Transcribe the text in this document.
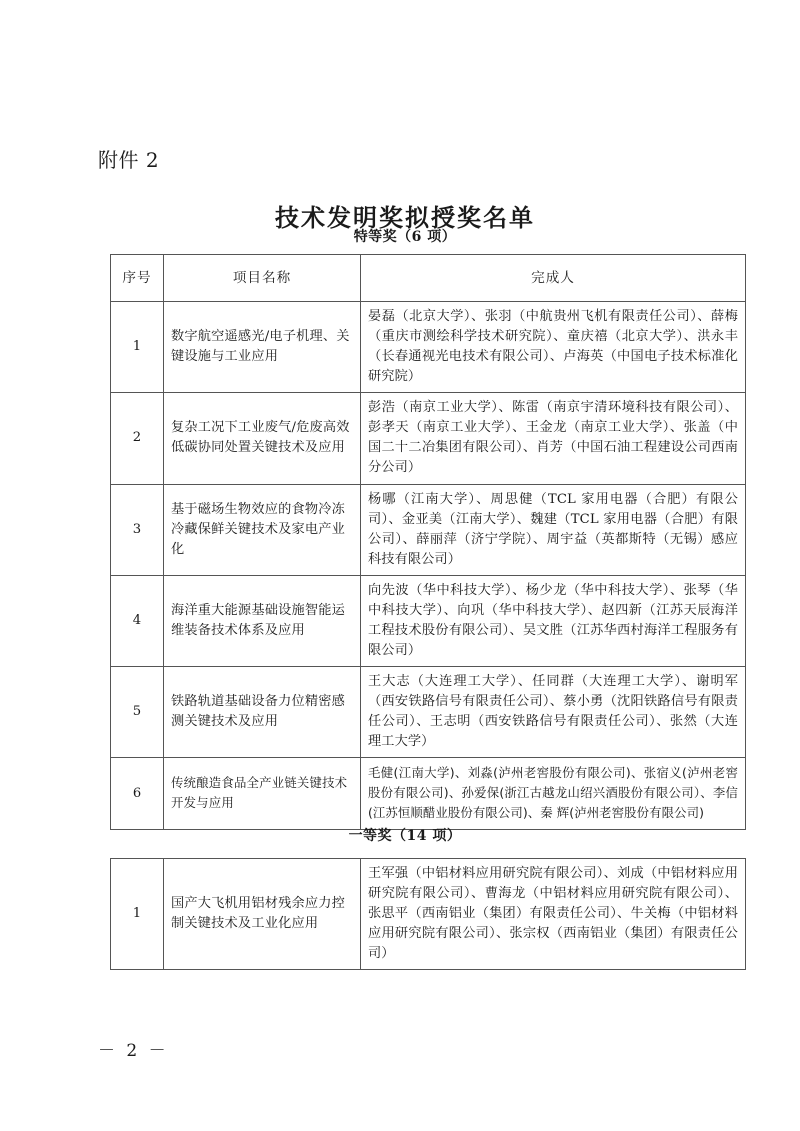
附件 2
技术发明奖拟授奖名单
特等奖（6 项）
序号	项目名称	完成人
1	数字航空遥感光/电子机理、关键设施与工业应用	晏磊（北京大学）、张羽（中航贵州飞机有限责任公司）、薛梅（重庆市测绘科学技术研究院）、童庆禧（北京大学）、洪永丰（长春通视光电技术有限公司）、卢海英（中国电子技术标准化研究院）
2	复杂工况下工业废气/危废高效低碳协同处置关键技术及应用	彭浩（南京工业大学）、陈雷（南京宇清环境科技有限公司）、彭孝天（南京工业大学）、王金龙（南京工业大学）、张盖（中国二十二冶集团有限公司）、肖芳（中国石油工程建设公司西南分公司）
3	基于磁场生物效应的食物冷冻冷藏保鲜关键技术及家电产业化	杨哪（江南大学）、周思健（TCL 家用电器（合肥）有限公司）、金亚美（江南大学）、魏建（TCL 家用电器（合肥）有限公司）、薛丽萍（济宁学院）、周宇益（英都斯特（无锡）感应科技有限公司）
4	海洋重大能源基础设施智能运维装备技术体系及应用	向先波（华中科技大学）、杨少龙（华中科技大学）、张琴（华中科技大学）、向巩（华中科技大学）、赵四新（江苏天辰海洋工程技术股份有限公司）、吴文胜（江苏华西村海洋工程服务有限公司）
5	铁路轨道基础设备力位精密感测关键技术及应用	王大志（大连理工大学）、任同群（大连理工大学）、谢明军（西安铁路信号有限责任公司）、蔡小勇（沈阳铁路信号有限责任公司）、王志明（西安铁路信号有限责任公司）、张然（大连理工大学）
6	传统酿造食品全产业链关键技术开发与应用	毛健(江南大学)、刘淼(泸州老窖股份有限公司)、张宿义(泸州老窖股份有限公司)、孙爱保(浙江古越龙山绍兴酒股份有限公司）、李信(江苏恒顺醋业股份有限公司)、秦 辉(泸州老窖股份有限公司)
一等奖（14 项）
1	国产大飞机用铝材残余应力控制关键技术及工业化应用	王军强（中铝材料应用研究院有限公司）、刘成（中铝材料应用研究院有限公司）、曹海龙（中铝材料应用研究院有限公司）、张思平（西南铝业（集团）有限责任公司）、牛关梅（中铝材料应用研究院有限公司）、张宗权（西南铝业（集团）有限责任公司）
－ 2 －
